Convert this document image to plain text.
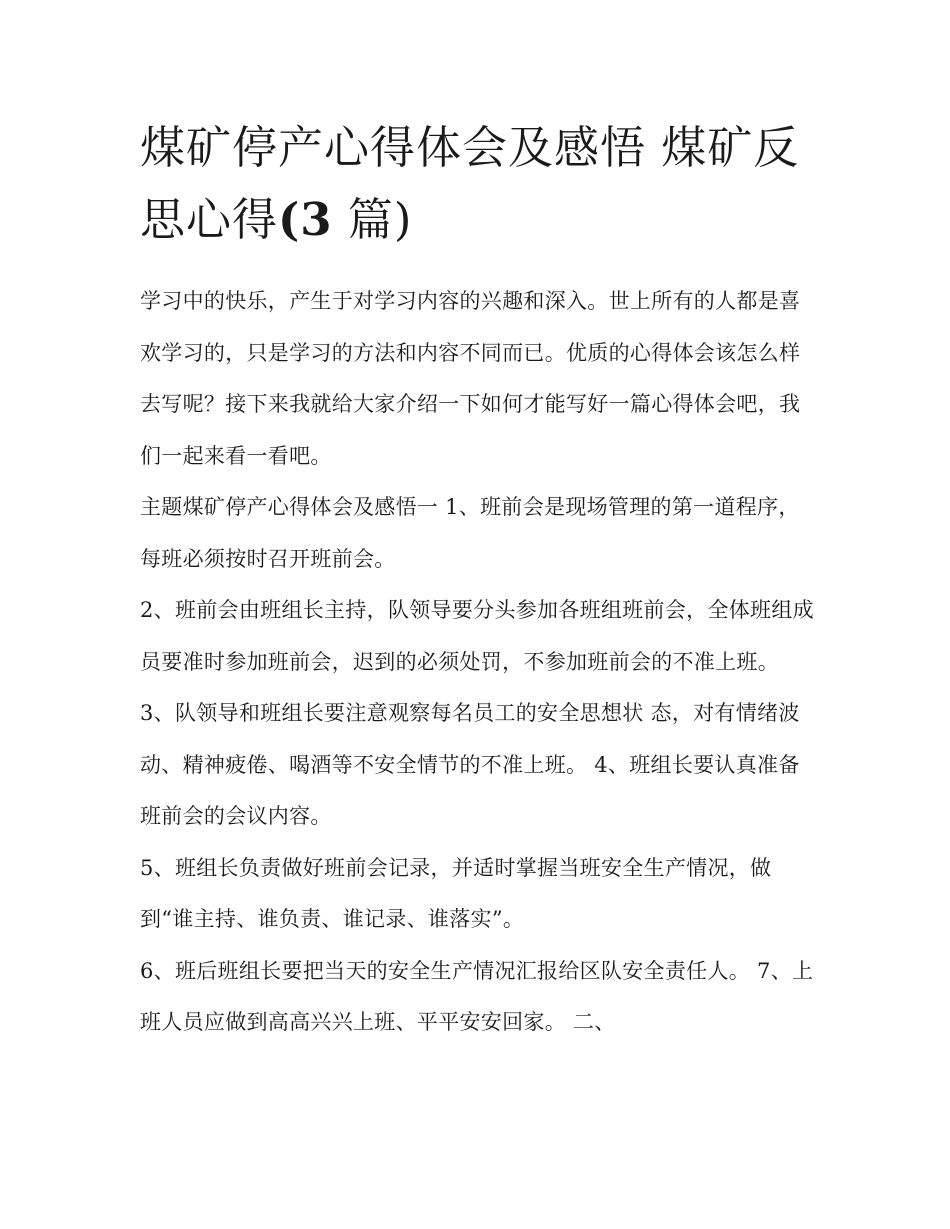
煤矿停产心得体会及感悟 煤矿反思心得(3 篇)

学习中的快乐，产生于对学习内容的兴趣和深入。世上所有的人都是喜欢学习的，只是学习的方法和内容不同而已。优质的心得体会该怎么样去写呢？接下来我就给大家介绍一下如何才能写好一篇心得体会吧，我们一起来看一看吧。

主题煤矿停产心得体会及感悟一 1、班前会是现场管理的第一道程序，每班必须按时召开班前会。

2、班前会由班组长主持，队领导要分头参加各班组班前会，全体班组成员要准时参加班前会，迟到的必须处罚，不参加班前会的不准上班。

3、队领导和班组长要注意观察每名员工的安全思想状 态，对有情绪波动、精神疲倦、喝酒等不安全情节的不准上班。 4、班组长要认真准备班前会的会议内容。

5、班组长负责做好班前会记录，并适时掌握当班安全生产情况，做到“谁主持、谁负责、谁记录、谁落实”。

6、班后班组长要把当天的安全生产情况汇报给区队安全责任人。 7、上班人员应做到高高兴兴上班、平平安安回家。 二、
